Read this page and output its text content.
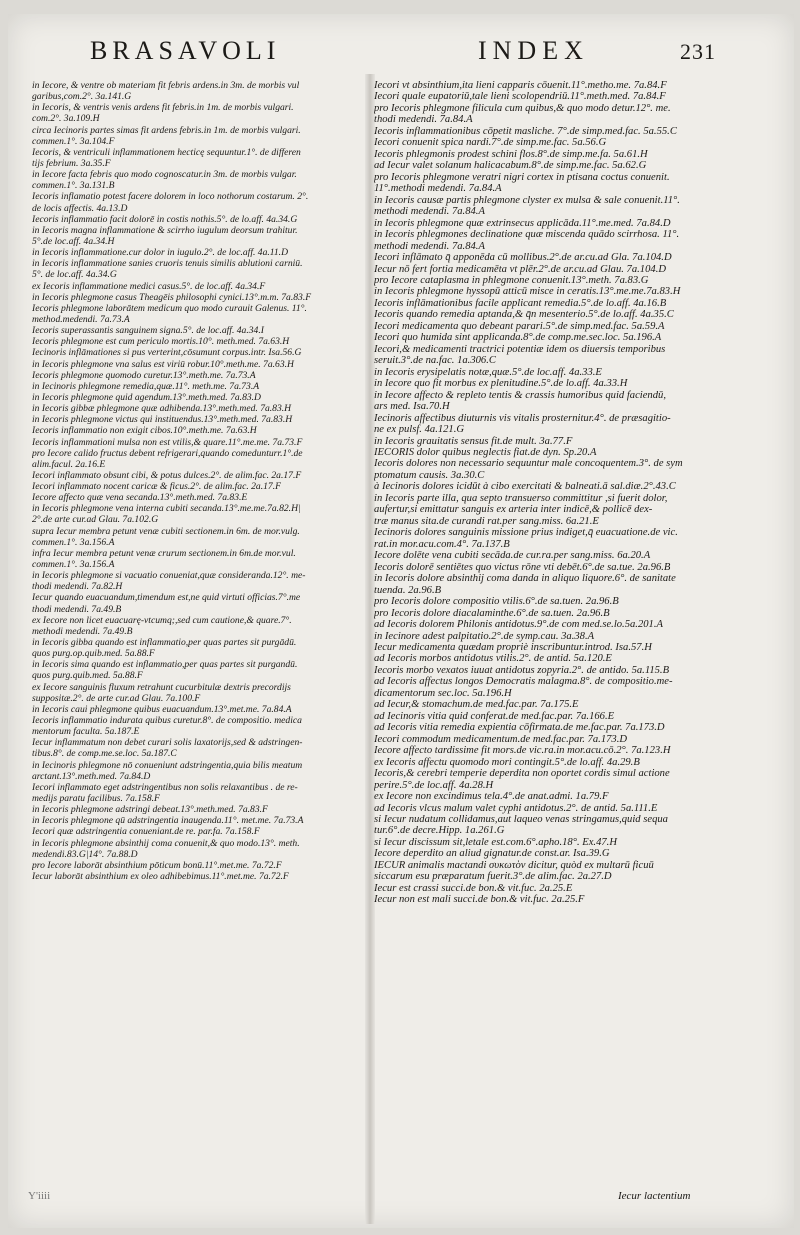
BRASAVOLI	INDEX	231
in Iecore, & ventre ob materiam fit febris ardens.in 3m. de morbis vul
garibus,com.2°. 3a.141.G
in Iecoris, & ventris venis ardens fit febris.in 1m. de morbis vulgari.
com.2°. 3a.109.H
circa Iecinoris partes simas fit ardens febris.in 1m. de morbis vulgari.
commen.1°. 3a.104.F
Iecoris, & ventriculi inflammationem hecticę sequuntur.1°. de differen
tijs febrium. 3a.35.F
in Iecore facta febris quo modo cognoscatur.in 3m. de morbis vulgar.
commen.1°. 3a.131.B
Iecoris inflamatio potest facere dolorem in loco nothorum costarum. 2°.
de locis affectis. 4a.13.D
Iecoris inflammatio facit dolorē in costis nothis.5°. de lo.aff. 4a.34.G
in Iecoris magna inflammatione & scirrho iugulum deorsum trahitur.
5°.de loc.aff. 4a.34.H
in Iecoris inflammatione.cur dolor in iugulo.2°. de loc.aff. 4a.11.D
in Iecoris inflammatione sanies cruoris tenuis similis ablutioni carniū.
5°. de loc.aff. 4a.34.G
ex Iecoris inflammatione medici casus.5°. de loc.aff. 4a.34.F
in Iecoris phlegmone casus Theagēis philosophi cynici.13°.m.m. 7a.83.F
Iecoris phlegmone laborātem medicum quo modo curauit Galenus. 11°.
method.medendi. 7a.73.A
Iecoris superassantis sanguinem signa.5°. de loc.aff. 4a.34.I
Iecoris phlegmone est cum periculo mortis.10°. meth.med. 7a.63.H
Iecinoris inflāmationes si pus verterint,cōsumunt corpus.intr. Isa.56.G
in Iecoris phlegmone vna salus est viriū robur.10°.meth.me. 7a.63.H
Iecoris phlegmone quomodo curetur.13°.meth.me. 7a.73.A
in Iecinoris phlegmone remedia,quæ.11°. meth.me. 7a.73.A
in Iecoris phlegmone quid agendum.13°.meth.med. 7a.83.D
in Iecoris gibbæ phlegmone quæ adhibenda.13°.meth.med. 7a.83.H
in Iecoris phlegmone victus qui instituendus.13°.meth.med. 7a.83.H
Iecoris inflammatio non exigit cibos.10°.meth.me. 7a.63.H
Iecoris inflammationi mulsa non est vtilis,& quare.11°.me.me. 7a.73.F
pro Iecore calido fructus debent refrigerari,quando comedunturr.1°.de
alim.facul. 2a.16.E
Iecori inflammato obsunt cibi, & potus dulces.2°. de alim.fac. 2a.17.F
Iecori inflammato nocent caricæ & ficus.2°. de alim.fac. 2a.17.F
Iecore affecto quæ vena secanda.13°.meth.med. 7a.83.E
in Iecoris phlegmone vena interna cubiti secanda.13°.me.me.7a.82.H|
2°.de arte cur.ad Glau. 7a.102.G
supra Iecur membra petunt venæ cubiti sectionem.in 6m. de mor.vulg.
commen.1°. 3a.156.A
infra Iecur membra petunt venæ crurum sectionem.in 6m.de mor.vul.
commen.1°. 3a.156.A
in Iecoris phlegmone si vacuatio conueniat,quæ consideranda.12°. me-
thodi medendi. 7a.82.H
Iecur quando euacuandum,timendum est,ne quid virtuti officias.7°.me
thodi medendi. 7a.49.B
ex Iecore non licet euacuarę-vtcumq;,sed cum cautione,& quare.7°.
methodi medendi. 7a.49.B
in Iecoris gibba quando est inflammatio,per quas partes sit purgādū.
quos purg.op.quib.med. 5a.88.F
in Iecoris sima quando est inflammatio,per quas partes sit purgandū.
quos purg.quib.med. 5a.88.F
ex Iecore sanguinis fluxum retrahunt cucurbitulæ dextris precordijs
suppositæ.2°. de arte cur.ad Glau. 7a.100.F
in Iecoris caui phlegmone quibus euacuandum.13°.met.me. 7a.84.A
Iecoris inflammatio indurata quibus curetur.8°. de compositio. medica
mentorum faculta. 5a.187.E
Iecur inflammatum non debet curari solis laxatorijs,sed & adstringen-
tibus.8°. de comp.me.se.loc. 5a.187.C
in Iecinoris phlegmone nō conueniunt adstringentia,quia bilis meatum
arctant.13°.meth.med. 7a.84.D
Iecori inflammato eget adstringentibus non solis relaxantibus . de re-
medijs paratu facilibus. 7a.158.F
in Iecoris phlegmone adstringi debeat.13°.meth.med. 7a.83.F
in Iecoris phlegmone qū adstringentia inaugenda.11°. met.me. 7a.73.A
Iecori quæ adstringentia conueniant.de re. par.fa. 7a.158.F
in Iecoris phlegmone absinthij coma conuenit,& quo modo.13°. meth.
medendi.83.G|14°. 7a.88.D
pro Iecore laborāt absinthium pōticum bonū.11°.met.me. 7a.72.F
Iecur laborāt absinthium ex oleo adhibebimus.11°.met.me. 7a.72.F
Iecori vt absinthium,ita lieni capparis cōuenit.11°.metho.me. 7a.84.F
Iecori quale eupatoriū,tale lieni scolopendriū.11°.meth.med. 7a.84.F
pro Iecoris phlegmone filicula cum quibus,& quo modo detur.12°. me.
thodi medendi. 7a.84.A
Iecoris inflammationibus cōpetit masliche. 7°.de simp.med.fac. 5a.55.C
Iecori conuenit spica nardi.7°.de simp.me.fac. 5a.56.G
Iecoris phlegmonis prodest schini flos.8°.de simp.me.fa. 5a.61.H
ad Iecur valet solanum halicacabum.8°.de simp.me.fac. 5a.62.G
pro Iecoris phlegmone veratri nigri cortex in ptisana coctus conuenit.
11°.methodi medendi. 7a.84.A
in Iecoris causæ partis phlegmone clyster ex mulsa & sale conuenit.11°.
methodi medendi. 7a.84.A
in Iecoris phlegmone quæ extrinsecus applicāda.11°.me.med. 7a.84.D
in Iecoris phlegmones declinatione quæ miscenda quādo scirrhosa. 11°.
methodi medendi. 7a.84.A
Iecori inflāmato q̄ apponēda cū mollibus.2°.de ar.cu.ad Gla. 7a.104.D
Iecur nō fert fortia medicamēta vt plēr.2°.de ar.cu.ad Glau. 7a.104.D
pro Iecore cataplasma in phlegmone conuenit.13°.meth. 7a.83.G
in Iecoris phlegmone hyssopū atticū misce in ceratis.13°.me.me.7a.83.H
Iecoris inflāmationibus facile applicant remedia.5°.de lo.aff. 4a.16.B
Iecoris quando remedia aptanda,& q̄n mesenterio.5°.de lo.aff. 4a.35.C
Iecori medicamenta quo debeant parari.5°.de simp.med.fac. 5a.59.A
Iecori quo humida sint applicanda.8°.de comp.me.sec.loc. 5a.196.A
Iecori,& medicamenti tractrici potentiæ idem os diuersis temporibus
seruit.3°.de na.fac. 1a.306.C
in Iecoris erysipelatis notæ,quæ.5°.de loc.aff. 4a.33.E
in Iecore quo fit morbus ex plenitudine.5°.de lo.aff. 4a.33.H
in Iecore affecto & repleto tentis & crassis humoribus quid faciendū,
ars med. Isa.70.H
Iecinoris affectibus diuturnis vis vitalis prosternitur.4°. de præsagitio-
ne ex pulsf. 4a.121.G
in Iecoris grauitatis sensus fit.de mult. 3a.77.F
IECORIS dolor quibus neglectis fiat.de dyn. Sp.20.A
Iecoris dolores non necessario sequuntur male concoquentem.3°. de sym
ptomatum causis. 3a.30.C
à Iecinoris dolores icidūt à cibo exercitati & balneati.ā sal.diæ.2°.43.C
in Iecoris parte illa, qua septo transuerso committitur ,si fuerit dolor,
aufertur,si emittatur sanguis ex arteria inter indicē,& pollicē dex-
træ manus sita.de curandi rat.per sang.miss. 6a.21.E
Iecinoris dolores sanguinis missione prius indiget,q̄ euacuatione.de vic.
rat.in mor.acu.com.4°. 7a.137.B
Iecore dolēte vena cubiti secāda.de cur.ra.per sang.miss. 6a.20.A
Iecoris dolorē sentiētes quo victus rōne vti debēt.6°.de sa.tue. 2a.96.B
in Iecoris dolore absinthij coma danda in aliquo liquore.6°. de sanitate
tuenda. 2a.96.B
pro Iecoris dolore compositio vtilis.6°.de sa.tuen. 2a.96.B
pro Iecoris dolore diacalaminthe.6°.de sa.tuen. 2a.96.B
ad Iecoris dolorem Philonis antidotus.9°.de com med.se.lo.5a.201.A
in Iecinore adest palpitatio.2°.de symp.cau. 3a.38.A
Iecur medicamenta quædam propriè inscribuntur.introd. Isa.57.H
ad Iecoris morbos antidotus vtilis.2°. de antid. 5a.120.E
Iecoris morbo vexatos iuuat antidotus zopyria.2°. de antido. 5a.115.B
ad Iecoris affectus longos Democratis malagma.8°. de compositio.me-
dicamentorum sec.loc. 5a.196.H
ad Iecur,& stomachum.de med.fac.par. 7a.175.E
ad Iecinoris vitia quid conferat.de med.fac.par. 7a.166.E
ad Iecoris vitia remedia expientia cōfirmata.de me.fac.par. 7a.173.D
Iecori commodum medicamentum.de med.fac.par. 7a.173.D
Iecore affecto tardissime fit mors.de vic.ra.in mor.acu.cō.2°. 7a.123.H
ex Iecoris affectu quomodo mori contingit.5°.de lo.aff. 4a.29.B
Iecoris,& cerebri temperie deperdita non oportet cordis simul actione
perire.5°.de loc.aff. 4a.28.H
ex Iecore non excindimus tela.4°.de anat.admi. 1a.79.F
ad Iecoris vlcus malum valet cyphi antidotus.2°. de antid. 5a.111.E
si Iecur nudatum collidamus,aut laqueo venas stringamus,quid sequa
tur.6°.de decre.Hipp. 1a.261.G
si Iecur discissum sit,letale est.com.6°.apho.18°. Ex.47.H
Iecore deperdito an aliud gignatur.de const.ar. Isa.39.G
IECUR animalis mactandi συκωτὸν dicitur, quòd ex multarū ficuū
siccarum esu præparatum fuerit.3°.de alim.fac. 2a.27.D
Iecur est crassi succi.de bon.& vit.fuc. 2a.25.E
Iecur non est mali succi.de bon.& vit.fuc. 2a.25.F
Y'iiii	Iecur lactentium
